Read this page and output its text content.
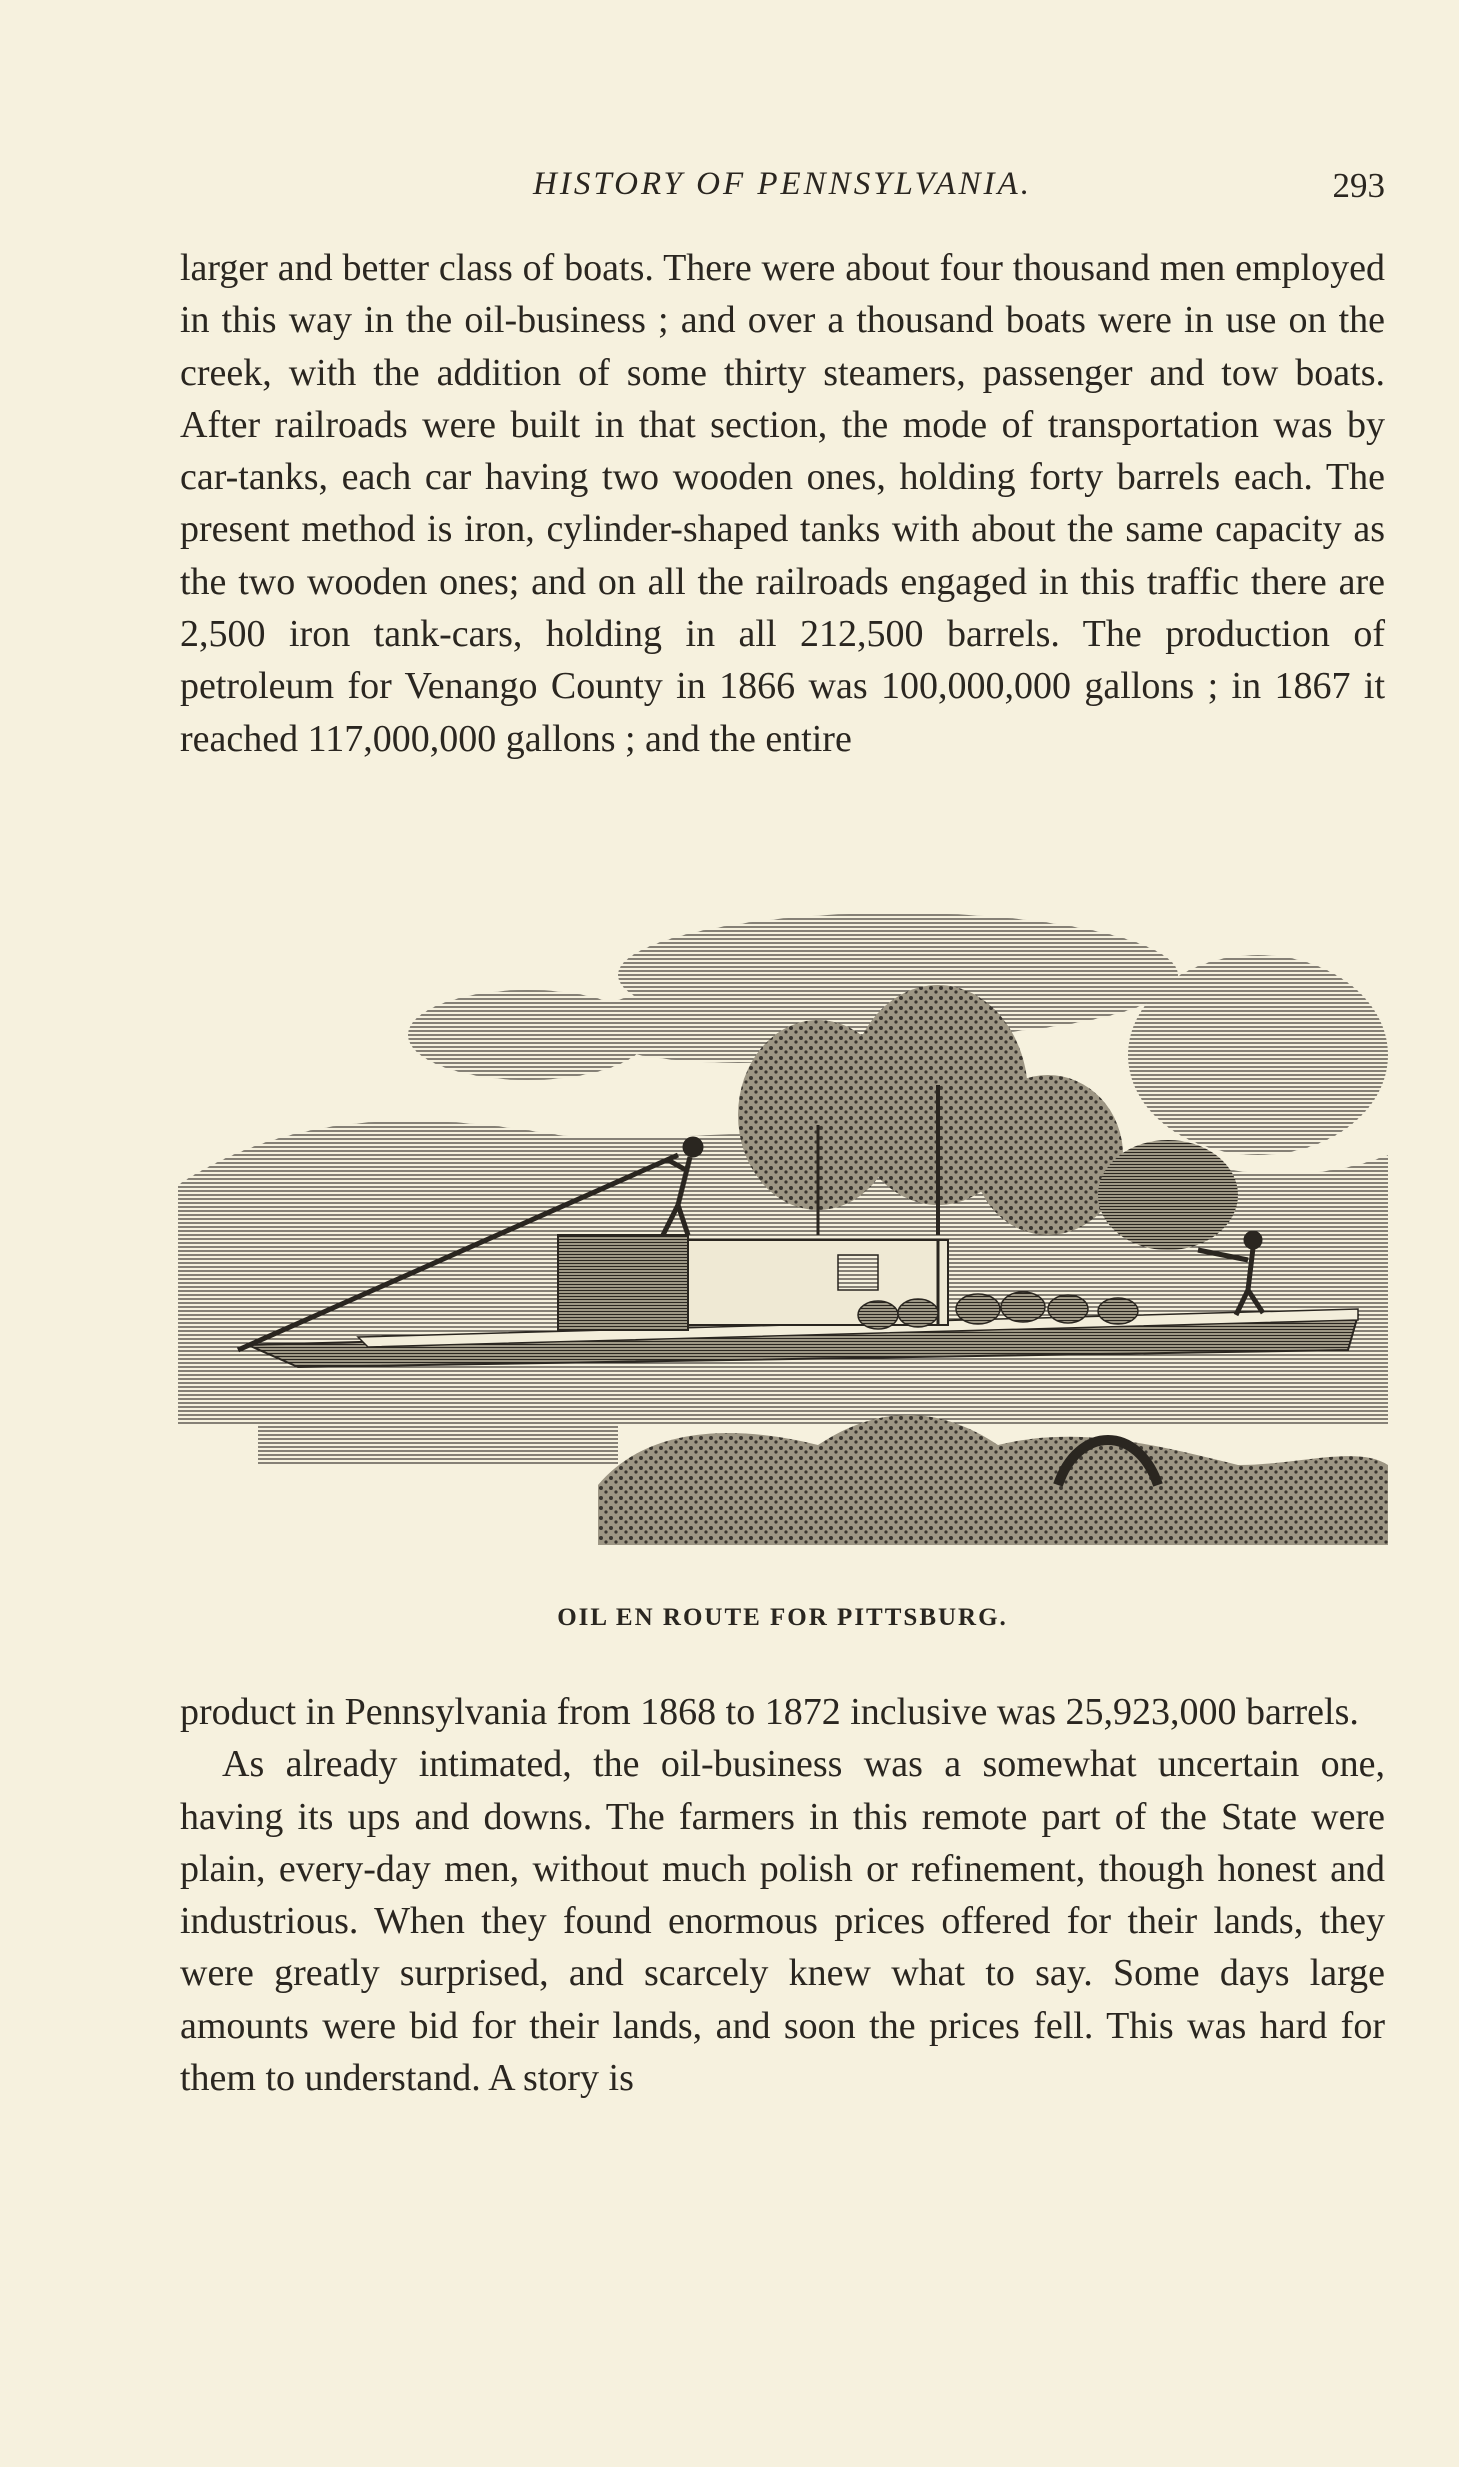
HISTORY OF PENNSYLVANIA.	293

larger and better class of boats. There were about four thousand men employed in this way in the oil-business ; and over a thousand boats were in use on the creek, with the addition of some thirty steamers, passenger and tow boats. After railroads were built in that section, the mode of transportation was by car-tanks, each car having two wooden ones, holding forty barrels each. The present method is iron, cylinder-shaped tanks with about the same capacity as the two wooden ones; and on all the railroads engaged in this traffic there are 2,500 iron tank-cars, holding in all 212,500 barrels. The production of petroleum for Venango County in 1866 was 100,000,000 gallons ; in 1867 it reached 117,000,000 gallons ; and the entire

OIL EN ROUTE FOR PITTSBURG.

product in Pennsylvania from 1868 to 1872 inclusive was 25,923,000 barrels.

As already intimated, the oil-business was a somewhat uncertain one, having its ups and downs. The farmers in this remote part of the State were plain, every-day men, without much polish or refinement, though honest and industrious. When they found enormous prices offered for their lands, they were greatly surprised, and scarcely knew what to say. Some days large amounts were bid for their lands, and soon the prices fell. This was hard for them to understand. A story is
